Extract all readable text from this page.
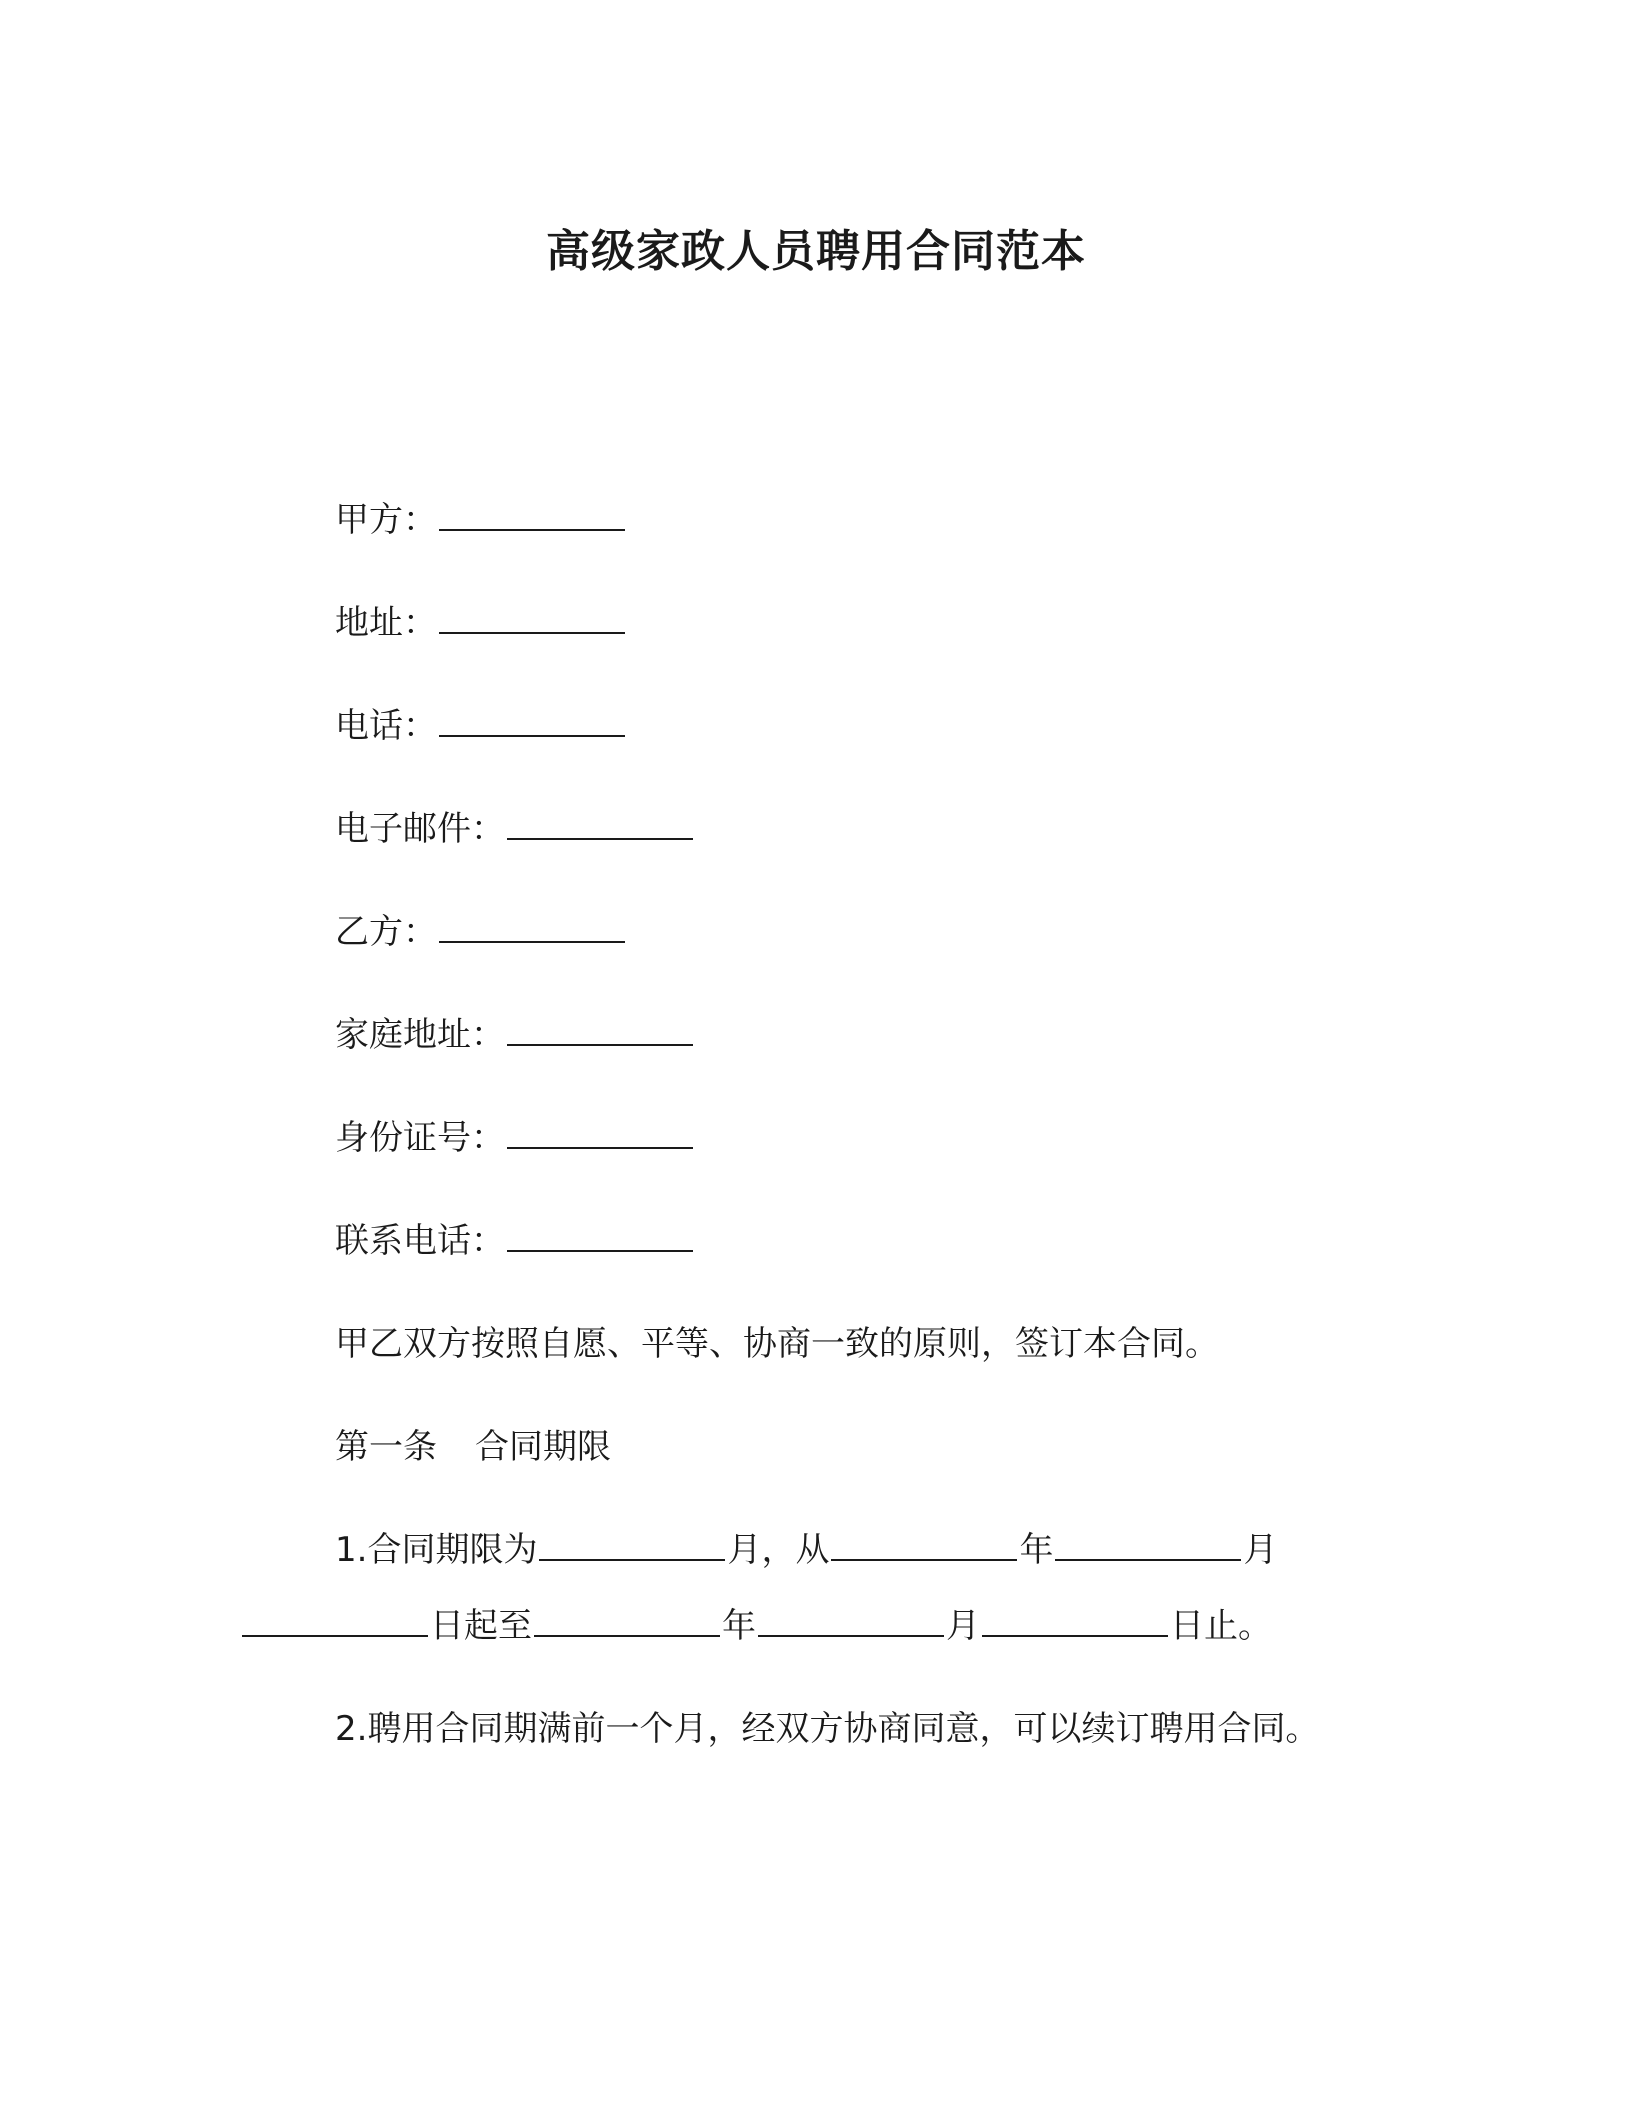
高级家政人员聘用合同范本
甲方：
地址：
电话：
电子邮件：
乙方：
家庭地址：
身份证号：
联系电话：
甲乙双方按照自愿、平等、协商一致的原则，签订本合同。
第一条 合同期限
1.合同期限为	月，从	年	月
日起至	年	月	日止。
2.聘用合同期满前一个月，经双方协商同意，可以续订聘用合同。
